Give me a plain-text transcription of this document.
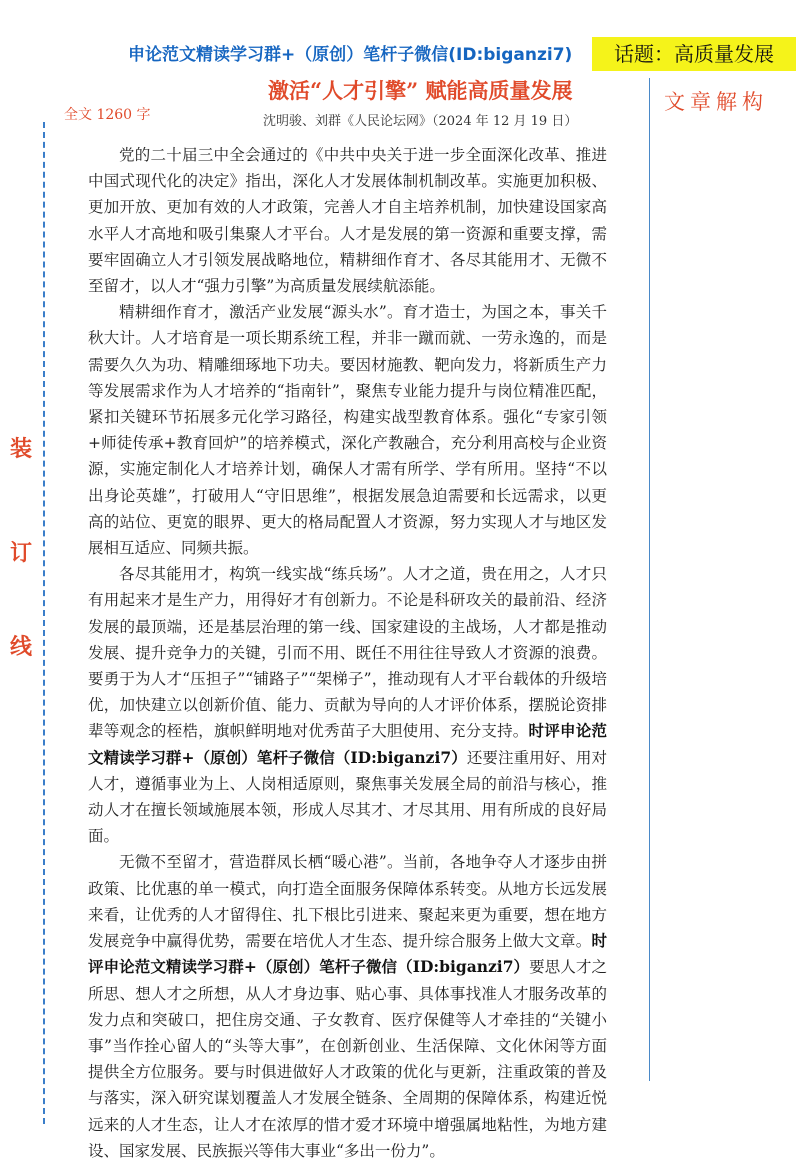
申论范文精读学习群+（原创）笔杆子微信(ID:biganzi7)	话题：高质量发展
激活“人才引擎” 赋能高质量发展	文章解构
全文 1260 字	沈明骏、刘群《人民论坛网》（2024 年 12 月 19 日）
装
订
线

党的二十届三中全会通过的《中共中央关于进一步全面深化改革、推进中国式现代化的决定》指出，深化人才发展体制机制改革。实施更加积极、更加开放、更加有效的人才政策，完善人才自主培养机制，加快建设国家高水平人才高地和吸引集聚人才平台。人才是发展的第一资源和重要支撑，需要牢固确立人才引领发展战略地位，精耕细作育才、各尽其能用才、无微不至留才，以人才“强力引擎”为高质量发展续航添能。

精耕细作育才，激活产业发展“源头水”。育才造士，为国之本，事关千秋大计。人才培育是一项长期系统工程，并非一蹴而就、一劳永逸的，而是需要久久为功、精雕细琢地下功夫。要因材施教、靶向发力，将新质生产力等发展需求作为人才培养的“指南针”，聚焦专业能力提升与岗位精准匹配，紧扣关键环节拓展多元化学习路径，构建实战型教育体系。强化“专家引领+师徒传承+教育回炉”的培养模式，深化产教融合，充分利用高校与企业资源，实施定制化人才培养计划，确保人才需有所学、学有所用。坚持“不以出身论英雄”，打破用人“守旧思维”，根据发展急迫需要和长远需求，以更高的站位、更宽的眼界、更大的格局配置人才资源，努力实现人才与地区发展相互适应、同频共振。

各尽其能用才，构筑一线实战“练兵场”。人才之道，贵在用之，人才只有用起来才是生产力，用得好才有创新力。不论是科研攻关的最前沿、经济发展的最顶端，还是基层治理的第一线、国家建设的主战场，人才都是推动发展、提升竞争力的关键，引而不用、既任不用往往导致人才资源的浪费。要勇于为人才“压担子”“铺路子”“架梯子”，推动现有人才平台载体的升级培优，加快建立以创新价值、能力、贡献为导向的人才评价体系，摆脱论资排辈等观念的桎梏，旗帜鲜明地对优秀苗子大胆使用、充分支持。时评申论范文精读学习群+（原创）笔杆子微信（ID:biganzi7）还要注重用好、用对人才，遵循事业为上、人岗相适原则，聚焦事关发展全局的前沿与核心，推动人才在擅长领域施展本领，形成人尽其才、才尽其用、用有所成的良好局面。

无微不至留才，营造群凤长栖“暖心港”。当前，各地争夺人才逐步由拼政策、比优惠的单一模式，向打造全面服务保障体系转变。从地方长远发展来看，让优秀的人才留得住、扎下根比引进来、聚起来更为重要，想在地方发展竞争中赢得优势，需要在培优人才生态、提升综合服务上做大文章。时评申论范文精读学习群+（原创）笔杆子微信（ID:biganzi7）要思人才之所思、想人才之所想，从人才身边事、贴心事、具体事找准人才服务改革的发力点和突破口，把住房交通、子女教育、医疗保健等人才牵挂的“关键小事”当作拴心留人的“头等大事”，在创新创业、生活保障、文化休闲等方面提供全方位服务。要与时俱进做好人才政策的优化与更新，注重政策的普及与落实，深入研究谋划覆盖人才发展全链条、全周期的保障体系，构建近悦远来的人才生态，让人才在浓厚的惜才爱才环境中增强属地粘性，为地方建设、国家发展、民族振兴等伟大事业“多出一份力”。
